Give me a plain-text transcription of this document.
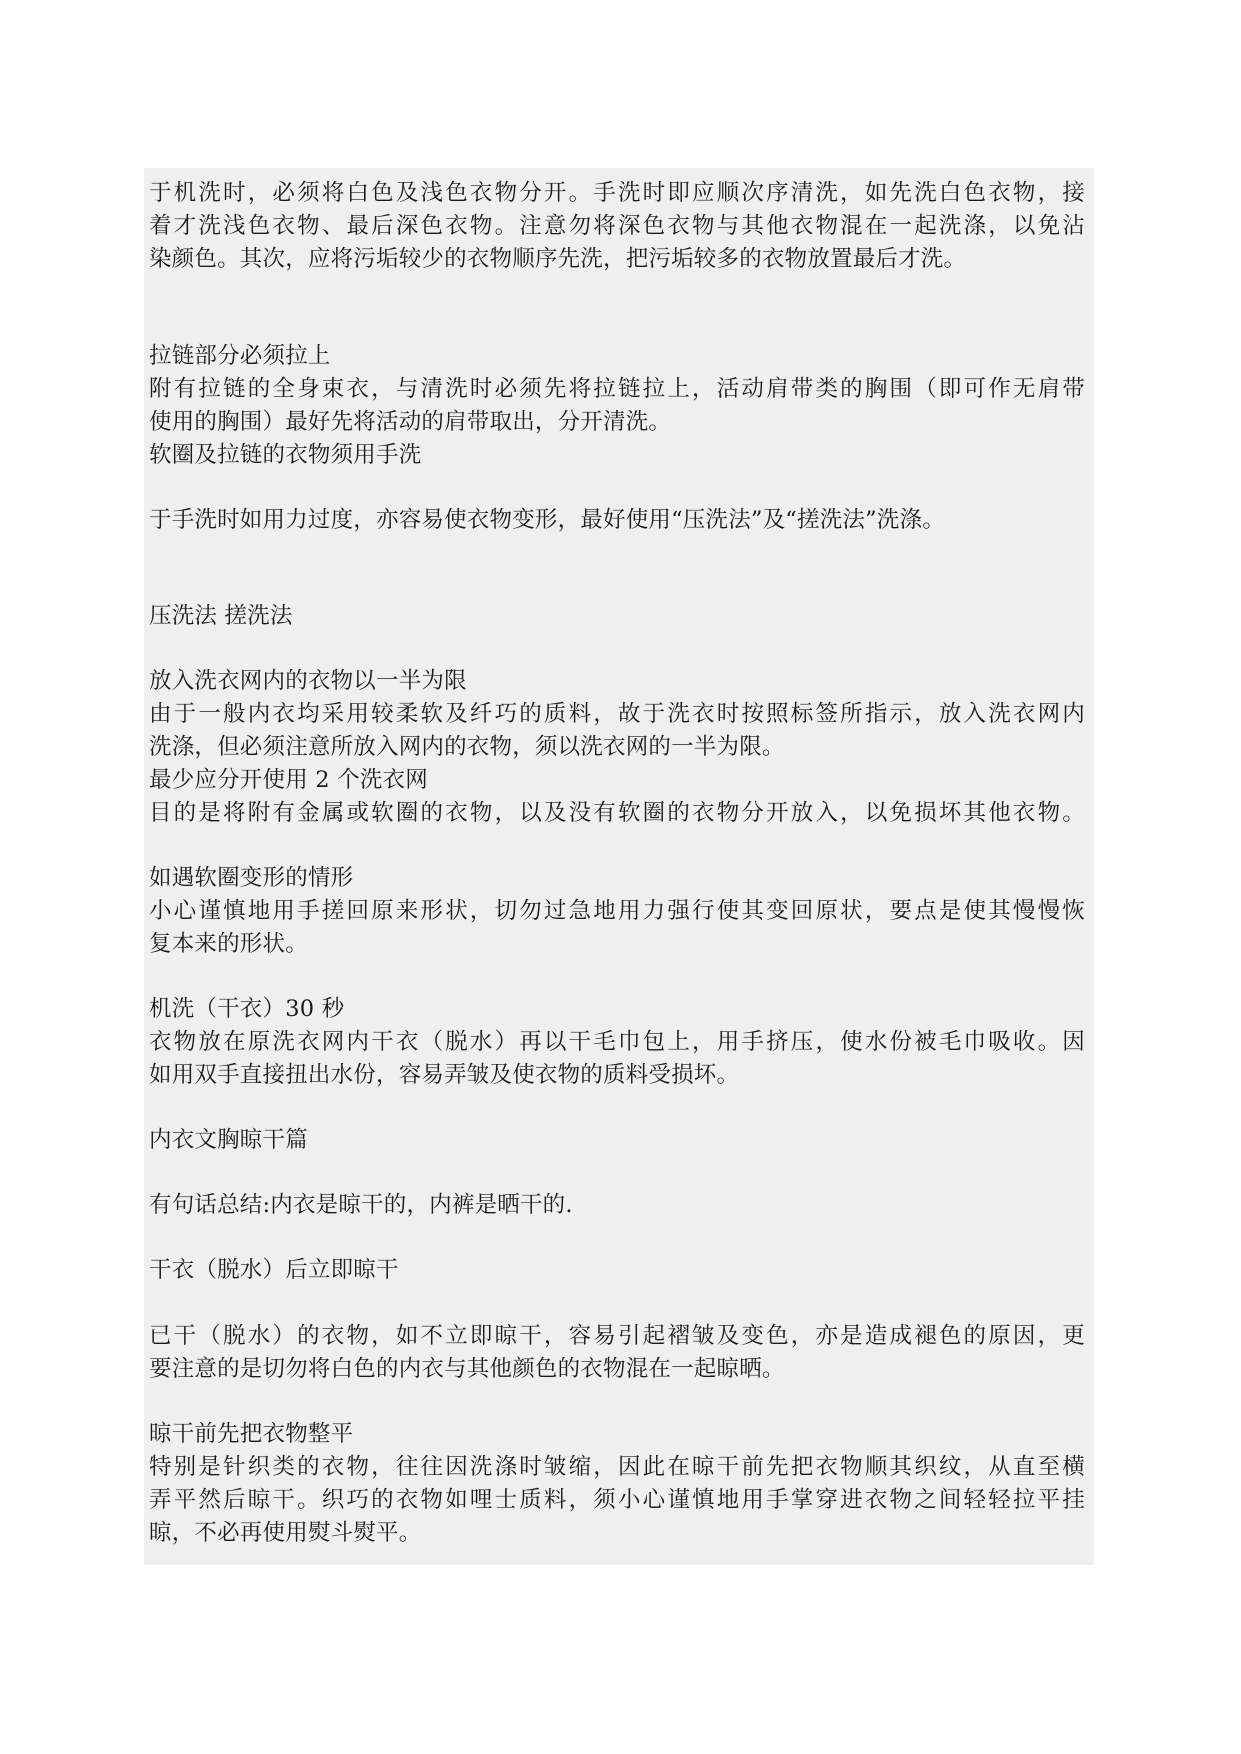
于机洗时，必须将白色及浅色衣物分开。手洗时即应顺次序清洗，如先洗白色衣物，接

着才洗浅色衣物、最后深色衣物。注意勿将深色衣物与其他衣物混在一起洗涤，以免沾

染颜色。其次，应将污垢较少的衣物顺序先洗，把污垢较多的衣物放置最后才洗。

拉链部分必须拉上

附有拉链的全身束衣，与清洗时必须先将拉链拉上，活动肩带类的胸围（即可作无肩带

使用的胸围）最好先将活动的肩带取出，分开清洗。

软圈及拉链的衣物须用手洗

于手洗时如用力过度，亦容易使衣物变形，最好使用“压洗法”及“搓洗法”洗涤。

压洗法 搓洗法

放入洗衣网内的衣物以一半为限

由于一般内衣均采用较柔软及纤巧的质料，故于洗衣时按照标签所指示，放入洗衣网内

洗涤，但必须注意所放入网内的衣物，须以洗衣网的一半为限。

最少应分开使用 2 个洗衣网

目的是将附有金属或软圈的衣物，以及没有软圈的衣物分开放入，以免损坏其他衣物。

如遇软圈变形的情形

小心谨慎地用手搓回原来形状，切勿过急地用力强行使其变回原状，要点是使其慢慢恢

复本来的形状。

机洗（干衣）30 秒

衣物放在原洗衣网内干衣（脱水）再以干毛巾包上，用手挤压，使水份被毛巾吸收。因

如用双手直接扭出水份，容易弄皱及使衣物的质料受损坏。

内衣文胸晾干篇

有句话总结:内衣是晾干的，内裤是晒干的.

干衣（脱水）后立即晾干

已干（脱水）的衣物，如不立即晾干，容易引起褶皱及变色，亦是造成褪色的原因，更

要注意的是切勿将白色的内衣与其他颜色的衣物混在一起晾晒。

晾干前先把衣物整平

特别是针织类的衣物，往往因洗涤时皱缩，因此在晾干前先把衣物顺其织纹，从直至横

弄平然后晾干。织巧的衣物如哩士质料，须小心谨慎地用手掌穿进衣物之间轻轻拉平挂

晾，不必再使用熨斗熨平。
